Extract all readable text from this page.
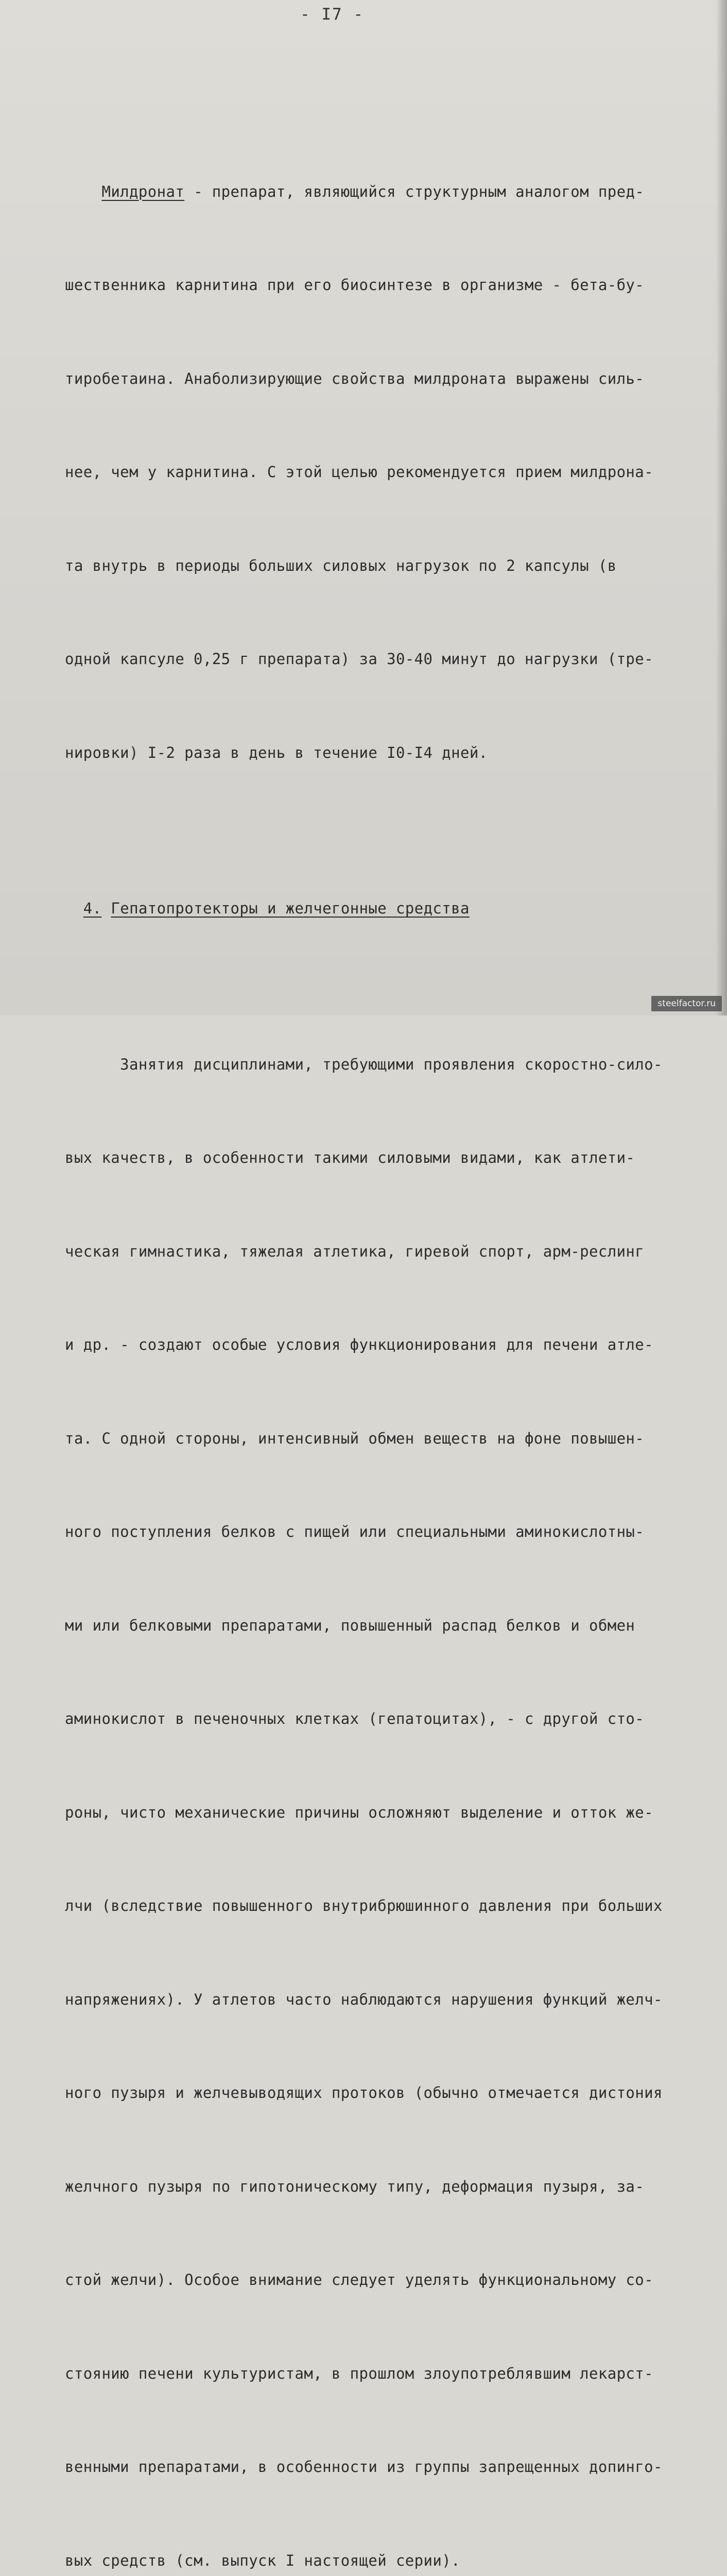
- I7 -

Милдронат - препарат, являющийся структурным аналогом пред-

шественника карнитина при его биосинтезе в организме - бета-бу-

тиробетаина. Анаболизирующие свойства милдроната выражены силь-

нее, чем у карнитина. С этой целью рекомендуется прием милдрона-

та внутрь в периоды больших силовых нагрузок по 2 капсулы (в

одной капсуле 0,25 г препарата) за 30-40 минут до нагрузки (тре-

нировки) I-2 раза в день в течение I0-I4 дней.

4. Гепатопротекторы и желчегонные средства

Занятия дисциплинами, требующими проявления скоростно-сило-

вых качеств, в особенности такими силовыми видами, как атлети-

ческая гимнастика, тяжелая атлетика, гиревой спорт, арм-реслинг

и др. - создают особые условия функционирования для печени атле-

та. С одной стороны, интенсивный обмен веществ на фоне повышен-

ного поступления белков с пищей или специальными аминокислотны-

ми или белковыми препаратами, повышенный распад белков и обмен

аминокислот в печеночных клетках (гепатоцитах), - с другой сто-

роны, чисто механические причины осложняют выделение и отток же-

лчи (вследствие повышенного внутрибрюшинного давления при больших

напряжениях). У атлетов часто наблюдаются нарушения функций желч-

ного пузыря и желчевыводящих протоков (обычно отмечается дистония

желчного пузыря по гипотоническому типу, деформация пузыря, за-

стой желчи). Особое внимание следует уделять функциональному со-

стоянию печени культуристам, в прошлом злоупотреблявшим лекарст-

венными препаратами, в особенности из группы запрещенных допинго-

вых средств (см. выпуск I настоящей серии).

steelfactor.ru
